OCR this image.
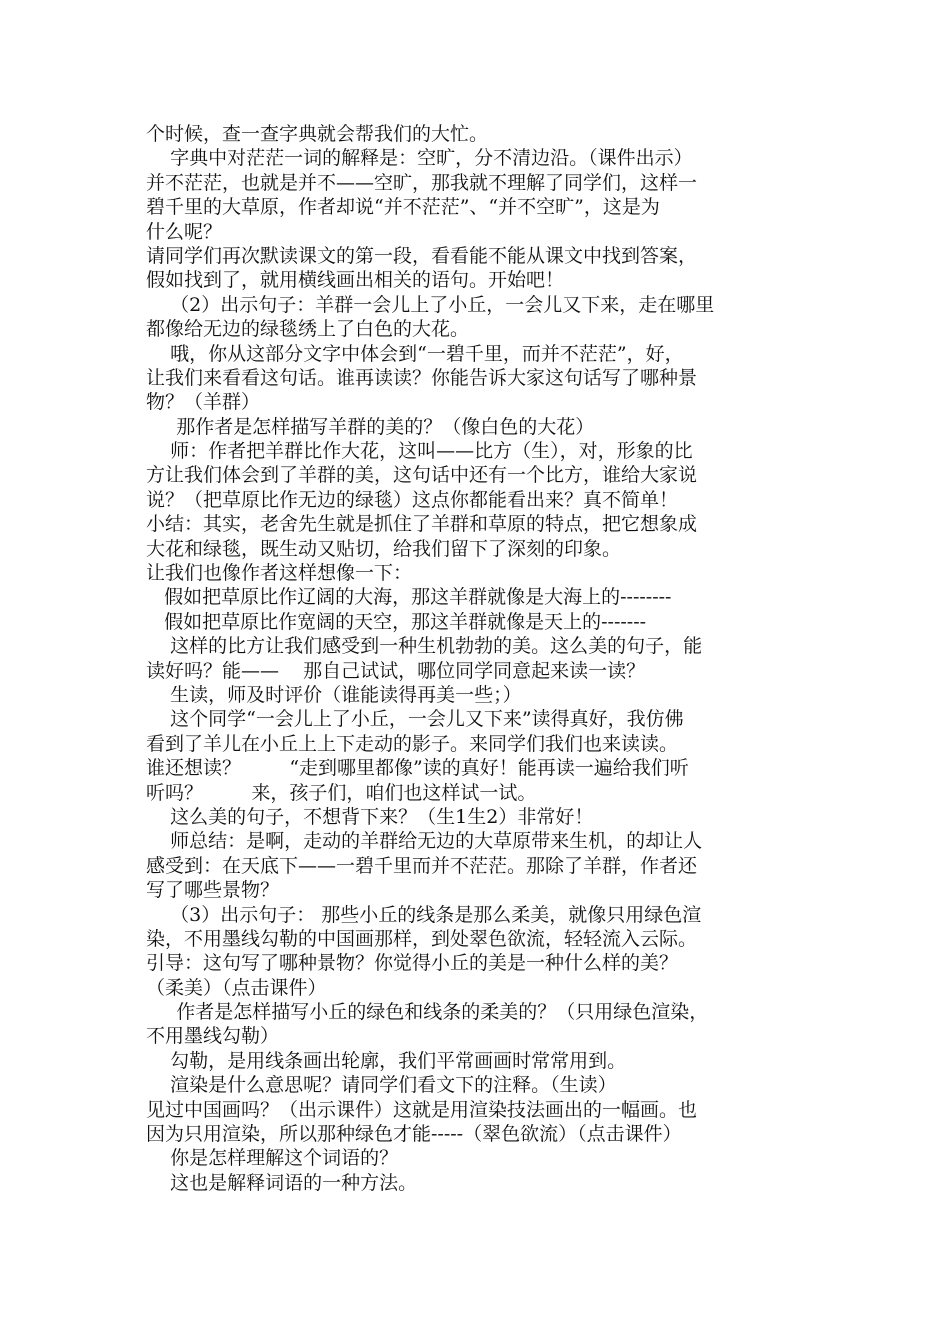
个时候，查一查字典就会帮我们的大忙。
字典中对茫茫一词的解释是：空旷，分不清边沿。（课件出示）
并不茫茫，也就是并不——空旷，那我就不理解了同学们，这样一
碧千里的大草原，作者却说“并不茫茫”、“并不空旷”，这是为
什么呢？
请同学们再次默读课文的第一段，看看能不能从课文中找到答案，
假如找到了，就用横线画出相关的语句。开始吧！
（2）出示句子：羊群一会儿上了小丘，一会儿又下来，走在哪里
都像给无边的绿毯绣上了白色的大花。
哦，你从这部分文字中体会到“一碧千里，而并不茫茫”，好，
让我们来看看这句话。谁再读读？你能告诉大家这句话写了哪种景
物？（羊群）
那作者是怎样描写羊群的美的？（像白色的大花）
师：作者把羊群比作大花，这叫——比方（生），对，形象的比
方让我们体会到了羊群的美，这句话中还有一个比方，谁给大家说
说？（把草原比作无边的绿毯）这点你都能看出来？真不简单！
小结：其实，老舍先生就是抓住了羊群和草原的特点，把它想象成
大花和绿毯，既生动又贴切，给我们留下了深刻的印象。
让我们也像作者这样想像一下：
假如把草原比作辽阔的大海，那这羊群就像是大海上的--------
假如把草原比作宽阔的天空，那这羊群就像是天上的-------
这样的比方让我们感受到一种生机勃勃的美。这么美的句子，能
读好吗？能——    那自己试试，哪位同学同意起来读一读？
生读，师及时评价（谁能读得再美一些；）
这个同学“一会儿上了小丘，一会儿又下来”读得真好，我仿佛
看到了羊儿在小丘上上下走动的影子。来同学们我们也来读读。
谁还想读？        “走到哪里都像”读的真好！能再读一遍给我们听
听吗？        来，孩子们，咱们也这样试一试。
这么美的句子，不想背下来？（生1生2）非常好！
师总结：是啊，走动的羊群给无边的大草原带来生机，的却让人
感受到：在天底下——一碧千里而并不茫茫。那除了羊群，作者还
写了哪些景物？
（3）出示句子： 那些小丘的线条是那么柔美，就像只用绿色渲
染，不用墨线勾勒的中国画那样，到处翠色欲流，轻轻流入云际。
引导：这句写了哪种景物？你觉得小丘的美是一种什么样的美？
（柔美）（点击课件）
作者是怎样描写小丘的绿色和线条的柔美的？（只用绿色渲染，
不用墨线勾勒）
勾勒，是用线条画出轮廓，我们平常画画时常常用到。
渲染是什么意思呢？请同学们看文下的注释。（生读）
见过中国画吗？（出示课件）这就是用渲染技法画出的一幅画。也
因为只用渲染，所以那种绿色才能-----（翠色欲流）（点击课件）
你是怎样理解这个词语的？
这也是解释词语的一种方法。
